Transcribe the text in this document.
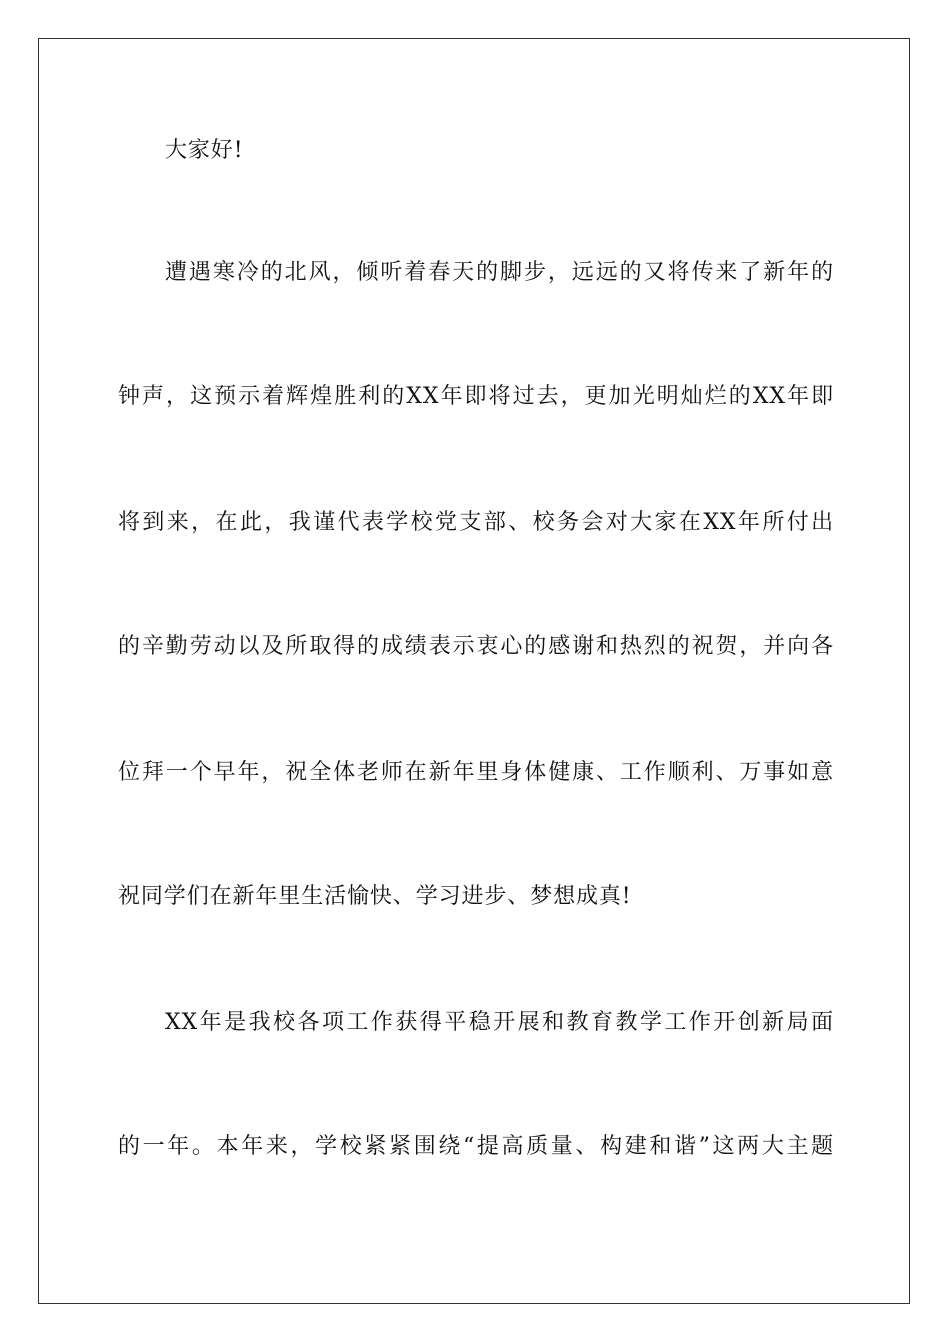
大家好!
遭遇寒冷的北风，倾听着春天的脚步，远远的又将传来了新年的
钟声，这预示着辉煌胜利的XX年即将过去，更加光明灿烂的XX年即
将到来，在此，我谨代表学校党支部、校务会对大家在XX年所付出
的辛勤劳动以及所取得的成绩表示衷心的感谢和热烈的祝贺，并向各
位拜一个早年，祝全体老师在新年里身体健康、工作顺利、万事如意
祝同学们在新年里生活愉快、学习进步、梦想成真!
XX年是我校各项工作获得平稳开展和教育教学工作开创新局面
的一年。本年来，学校紧紧围绕“提高质量、构建和谐”这两大主题
